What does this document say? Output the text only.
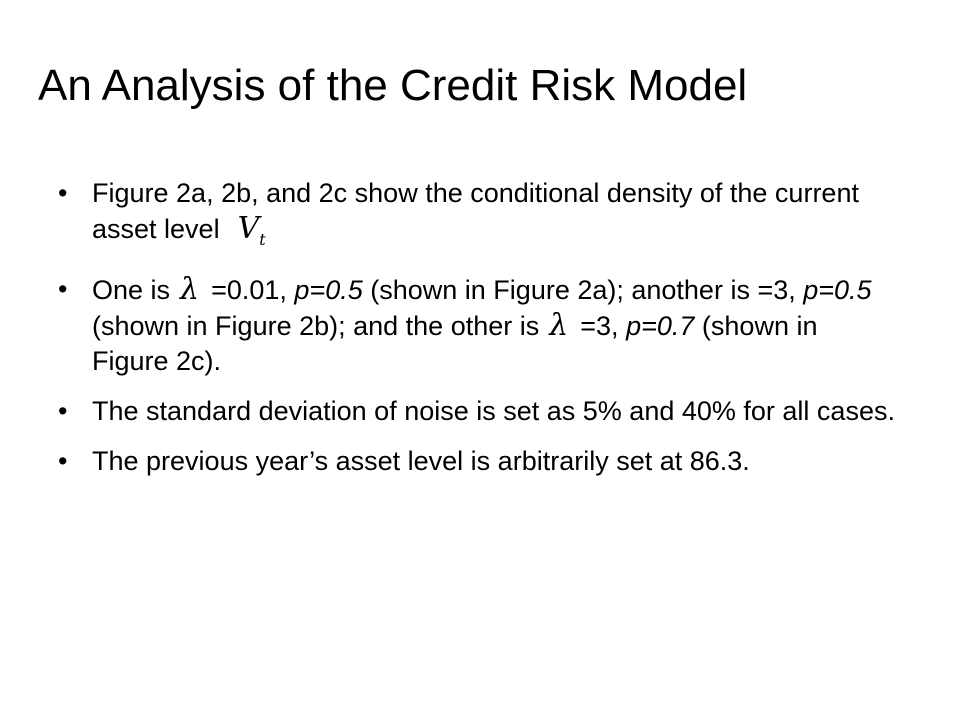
An Analysis of the Credit Risk Model
• Figure 2a, 2b, and 2c show the conditional density of the current asset level $V_t$
• One is λ =0.01, p=0.5 (shown in Figure 2a); another is =3, p=0.5 (shown in Figure 2b); and the other is λ =3, p=0.7 (shown in Figure 2c).
• The standard deviation of noise is set as 5% and 40% for all cases.
• The previous year’s asset level is arbitrarily set at 86.3.
